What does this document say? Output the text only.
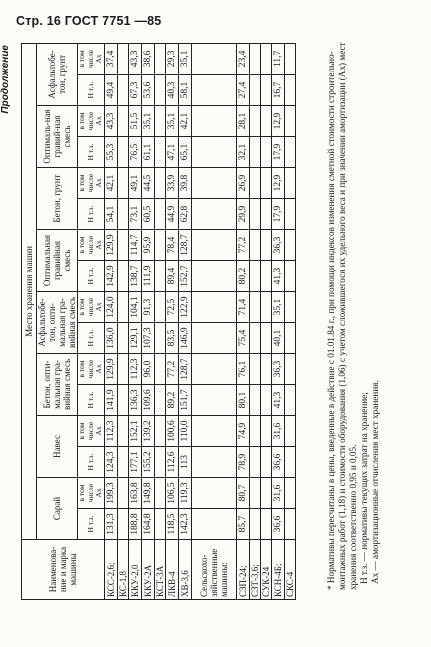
Стр. 16 ГОСТ 7751 —85
Продолжение
Наименова-ние и марка машины	Место хранения машин															
	Сарай		Навес		Бетон, опти-мальная гра-вийная смесь		Асфальтобе-тон, опти-мальная гра-вийная смесь		Оптимальная гравийная смесь		Бетон, грунт		Оптималь-ная гравий-ная смесь		Асфальтобе-тон, грунт	
	Н т.з.	в том числе Ах	Н т.з.	в том числе Ах	Н т.з.	в том числе Ах	Н т.з.	в том числе Ах	Н т.з.	в том числе Ах	Н т.з.	в том числе Ах	Н т.з.	в том числе Ах	Н т.з.	в том числе Ах
КСС-2,6;	131,3	199,3	124,3	112,3	141,9	129,9	136,0	124,0	142,9	129,9	54,1	42,1	55,3	43,3	49,4	37,4
КС-1,8																
ККУ-2,0	188,8	163,8	177,1	152,1	136,3	112,3	129,1	104,1	138,7	114,7	73,1	49,1	76,5	51,5	67,3	43,3
ККУ-2А	164,8	149,8	155,2	139,2	109,6	96,0	107,3	91,3	111,9	95,9	60,5	44,5	61,1	35,1	53,6	38,6
КСТ-3А																
ЛКВ-4	118,5	106,5	112,6	100,6	89,2	77,2	83,5	72,5	89,4	78,4	44,9	33,9	47,1	35,1	40,3	29,3
ХВ-3,6	142,3	119,3	113	110,0	151,7	128,7	146,9	122,9	152,7	128,7	62,8	39,8	65,1	42,1	58,1	35,1
Сельскохо-зяйственные машины:																
СЗП-24;	85,7	80,7	78,9	74,9	80,1	76,1	75,4	71,4	80,2	77,2	29,9	26,9	32,1	28,1	27,4	23,4
СЗТ-3,6;																
СУК-24																
КСН-4Б;	36,6	31,6	36,6	31,6	41,3	36,3	40,1	35,1	41,3	36,3	17,9	12,9	17,9	12,9	16,7	11,7
СКС-4																	* Нормативы пересчитаны в цены, введенные в действие с 01.01.84 г., при помощи индексов изменения сметной стоимости строительно-монтажных работ (1,18) и стоимости оборудования (1,06) с учетом сложившегося их удельного веса и при значении амортизации (Ах) мест хранения соответственно 0,95 и 0,05. Н т.з. — нормативы текущих затрат на хранение; Ах — амортизационные отчисления мест хранения.
